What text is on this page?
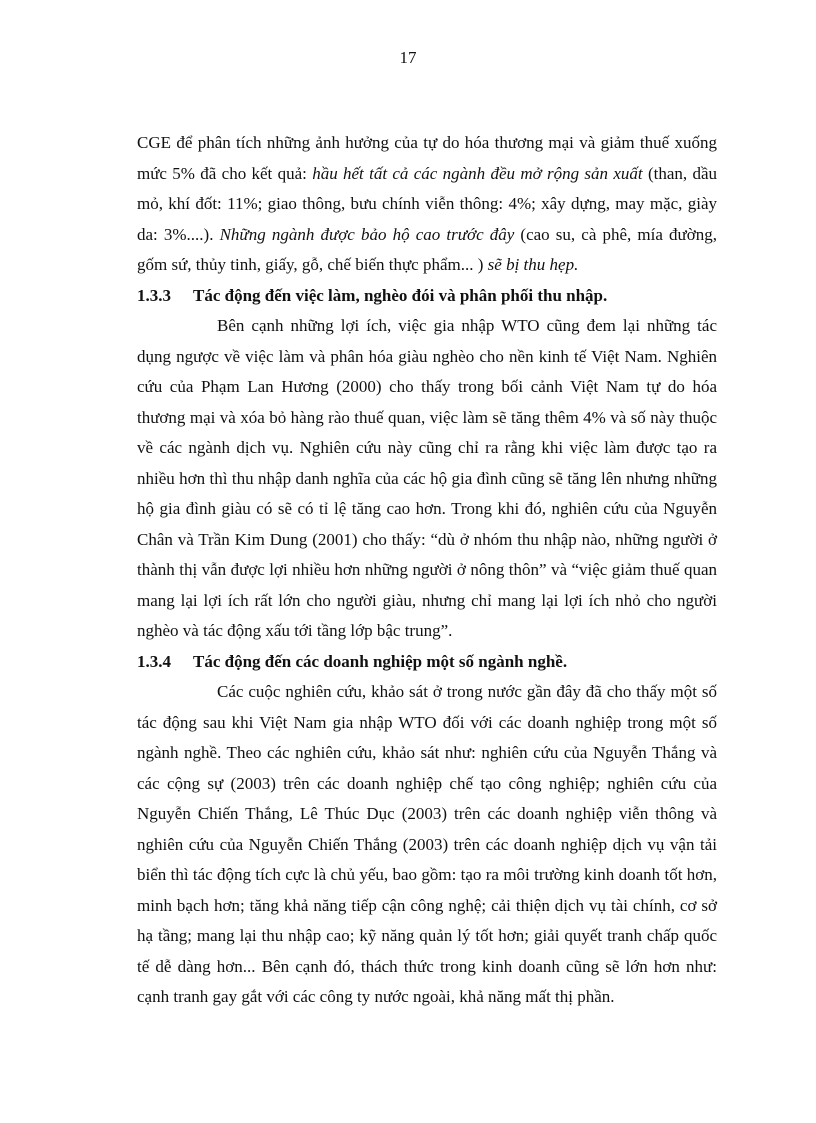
17

CGE để phân tích những ảnh hưởng của tự do hóa thương mại và giảm thuế xuống mức 5% đã cho kết quả: hầu hết tất cả các ngành đều mở rộng sản xuất (than, dầu mỏ, khí đốt: 11%; giao thông, bưu chính viễn thông: 4%; xây dựng, may mặc, giày da: 3%....). Những ngành được bảo hộ cao trước đây (cao su, cà phê, mía đường, gốm sứ, thủy tinh, giấy, gỗ, chế biến thực phẩm... ) sẽ bị thu hẹp.

1.3.3 Tác động đến việc làm, nghèo đói và phân phối thu nhập.

Bên cạnh những lợi ích, việc gia nhập WTO cũng đem lại những tác dụng ngược về việc làm và phân hóa giàu nghèo cho nền kinh tế Việt Nam. Nghiên cứu của Phạm Lan Hương (2000) cho thấy trong bối cảnh Việt Nam tự do hóa thương mại và xóa bỏ hàng rào thuế quan, việc làm sẽ tăng thêm 4% và số này thuộc về các ngành dịch vụ. Nghiên cứu này cũng chỉ ra rằng khi việc làm được tạo ra nhiều hơn thì thu nhập danh nghĩa của các hộ gia đình cũng sẽ tăng lên nhưng những hộ gia đình giàu có sẽ có tỉ lệ tăng cao hơn. Trong khi đó, nghiên cứu của Nguyễn Chân và Trần Kim Dung (2001) cho thấy: “dù ở nhóm thu nhập nào, những người ở thành thị vẫn được lợi nhiều hơn những người ở nông thôn” và “việc giảm thuế quan mang lại lợi ích rất lớn cho người giàu, nhưng chỉ mang lại lợi ích nhỏ cho người nghèo và tác động xấu tới tầng lớp bậc trung”.

1.3.4 Tác động đến các doanh nghiệp một số ngành nghề.

Các cuộc nghiên cứu, khảo sát ở trong nước gần đây đã cho thấy một số tác động sau khi Việt Nam gia nhập WTO đối với các doanh nghiệp trong một số ngành nghề. Theo các nghiên cứu, khảo sát như: nghiên cứu của Nguyễn Thắng và các cộng sự (2003) trên các doanh nghiệp chế tạo công nghiệp; nghiên cứu của Nguyễn Chiến Thắng, Lê Thúc Dục (2003) trên các doanh nghiệp viễn thông và nghiên cứu của Nguyễn Chiến Thắng (2003) trên các doanh nghiệp dịch vụ vận tải biển thì tác động tích cực là chủ yếu, bao gồm: tạo ra môi trường kinh doanh tốt hơn, minh bạch hơn; tăng khả năng tiếp cận công nghệ; cải thiện dịch vụ tài chính, cơ sở hạ tầng; mang lại thu nhập cao; kỹ năng quản lý tốt hơn; giải quyết tranh chấp quốc tế dễ dàng hơn... Bên cạnh đó, thách thức trong kinh doanh cũng sẽ lớn hơn như: cạnh tranh gay gắt với các công ty nước ngoài, khả năng mất thị phần.
